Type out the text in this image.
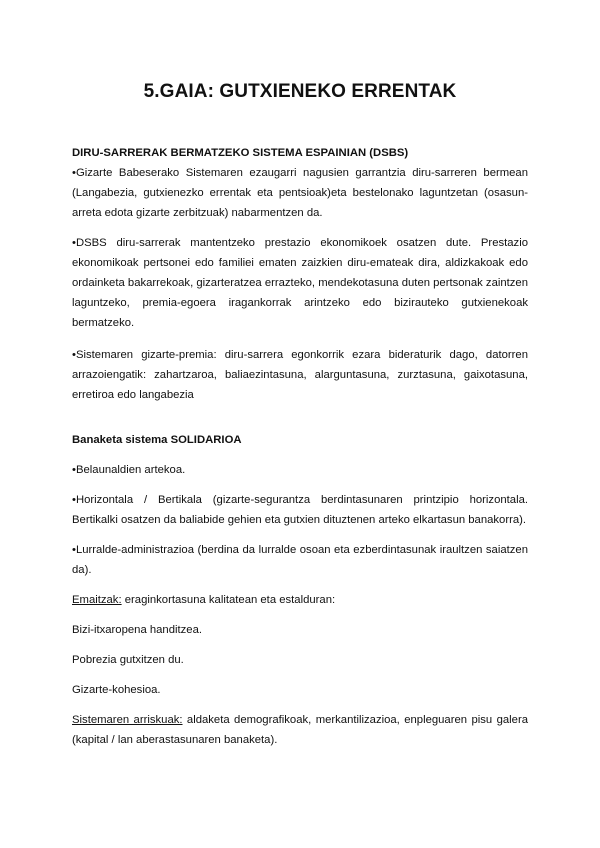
5.GAIA: GUTXIENEKO ERRENTAK

DIRU-SARRERAK BERMATZEKO SISTEMA ESPAINIAN (DSBS)

•Gizarte Babeserako Sistemaren ezaugarri nagusien garrantzia diru-sarreren bermean (Langabezia, gutxienezko errentak eta pentsioak)eta bestelonako laguntzetan (osasun-arreta edota gizarte zerbitzuak) nabarmentzen da.

•DSBS diru-sarrerak mantentzeko prestazio ekonomikoek osatzen dute. Prestazio ekonomikoak pertsonei edo familiei ematen zaizkien diru-emateak dira, aldizkakoak edo ordainketa bakarrekoak, gizarteratzea errazteko, mendekotasuna duten pertsonak zaintzen laguntzeko, premia-egoera iragankorrak arintzeko edo bizirauteko gutxienekoak bermatzeko.

•Sistemaren gizarte-premia: diru-sarrera egonkorrik ezara bideraturik dago, datorren arrazoiengatik: zahartzaroa, baliaezintasuna, alarguntasuna, zurztasuna, gaixotasuna, erretiroa edo langabezia

Banaketa sistema SOLIDARIOA

•Belaunaldien artekoa.

•Horizontala / Bertikala (gizarte-segurantza berdintasunaren printzipio horizontala. Bertikalki osatzen da baliabide gehien eta gutxien dituztenen arteko elkartasun banakorra).

•Lurralde-administrazioa (berdina da lurralde osoan eta ezberdintasunak iraultzen saiatzen da).

Emaitzak: eraginkortasuna kalitatean eta estalduran:

Bizi-itxaropena handitzea.

Pobrezia gutxitzen du.

Gizarte-kohesioa.

Sistemaren arriskuak: aldaketa demografikoak, merkantilizazioa, enpleguaren pisu galera (kapital / lan aberastasunaren banaketa).
